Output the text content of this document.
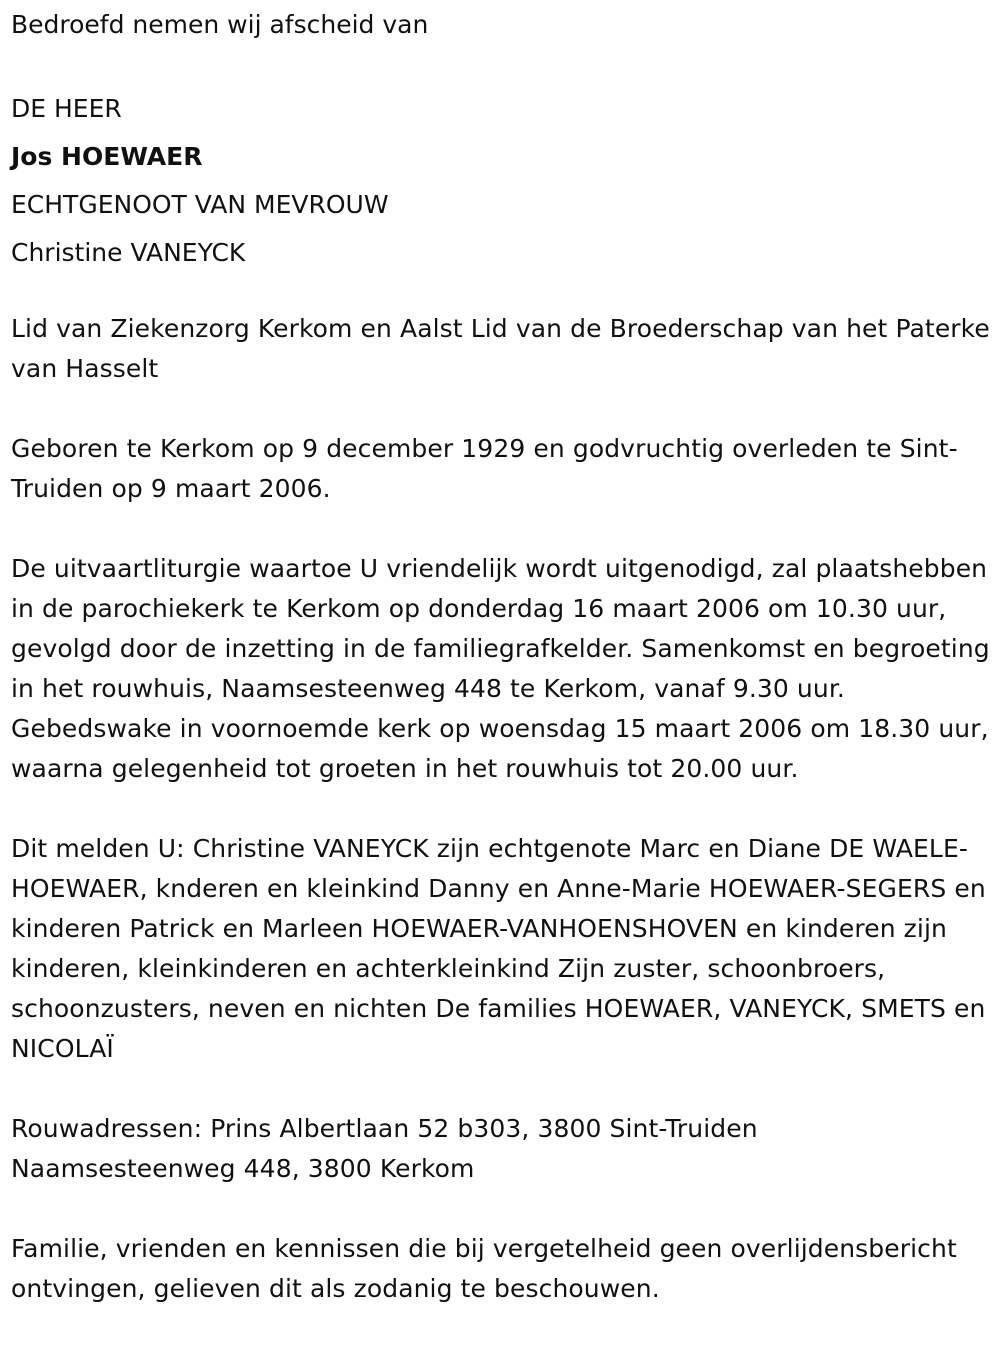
Bedroefd nemen wij afscheid van

DE HEER

Jos HOEWAER

ECHTGENOOT VAN MEVROUW

Christine VANEYCK

Lid van Ziekenzorg Kerkom en Aalst Lid van de Broederschap van het Paterke van Hasselt

Geboren te Kerkom op 9 december 1929 en godvruchtig overleden te Sint-Truiden op 9 maart 2006.

De uitvaartliturgie waartoe U vriendelijk wordt uitgenodigd, zal plaatshebben in de parochiekerk te Kerkom op donderdag 16 maart 2006 om 10.30 uur, gevolgd door de inzetting in de familiegrafkelder. Samenkomst en begroeting in het rouwhuis, Naamsesteenweg 448 te Kerkom, vanaf 9.30 uur. Gebedswake in voornoemde kerk op woensdag 15 maart 2006 om 18.30 uur, waarna gelegenheid tot groeten in het rouwhuis tot 20.00 uur.

Dit melden U: Christine VANEYCK zijn echtgenote Marc en Diane DE WAELE-HOEWAER, knderen en kleinkind Danny en Anne-Marie HOEWAER-SEGERS en kinderen Patrick en Marleen HOEWAER-VANHOENSHOVEN en kinderen zijn kinderen, kleinkinderen en achterkleinkind Zijn zuster, schoonbroers, schoonzusters, neven en nichten De families HOEWAER, VANEYCK, SMETS en NICOLAÏ

Rouwadressen: Prins Albertlaan 52 b303, 3800 Sint-Truiden

Naamsesteenweg 448, 3800 Kerkom

Familie, vrienden en kennissen die bij vergetelheid geen overlijdensbericht ontvingen, gelieven dit als zodanig te beschouwen.
